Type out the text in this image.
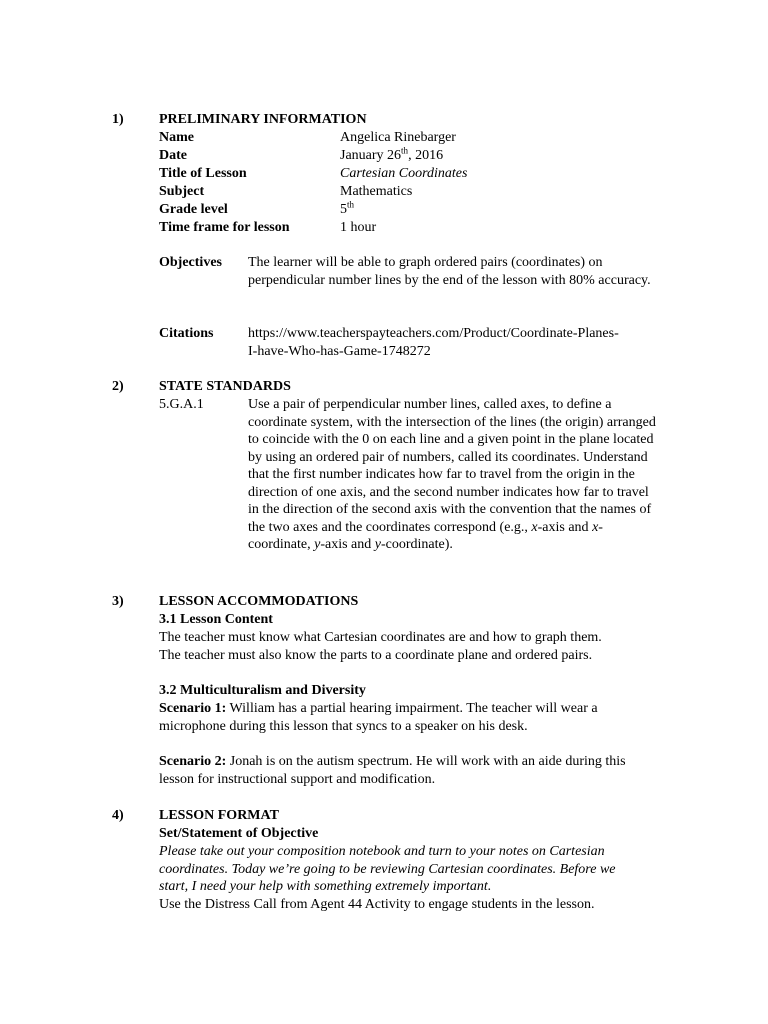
1)	PRELIMINARY INFORMATION
Name	Angelica Rinebarger
Date	January 26th, 2016
Title of Lesson	Cartesian Coordinates
Subject	Mathematics
Grade level	5th
Time frame for lesson	1 hour
Objectives The learner will be able to graph ordered pairs (coordinates) on perpendicular number lines by the end of the lesson with 80% accuracy.
Citations https://www.teacherspayteachers.com/Product/Coordinate-Planes-
I-have-Who-has-Game-1748272
2)	STATE STANDARDS
5.G.A.1	Use a pair of perpendicular number lines, called axes, to define a coordinate system, with the intersection of the lines (the origin) arranged to coincide with the 0 on each line and a given point in the plane located by using an ordered pair of numbers, called its coordinates. Understand that the first number indicates how far to travel from the origin in the direction of one axis, and the second number indicates how far to travel in the direction of the second axis with the convention that the names of the two axes and the coordinates correspond (e.g., x-axis and x-coordinate, y-axis and y-coordinate).
3)	LESSON ACCOMMODATIONS
3.1 Lesson Content
The teacher must know what Cartesian coordinates are and how to graph them.
The teacher must also know the parts to a coordinate plane and ordered pairs.
3.2 Multiculturalism and Diversity
Scenario 1: William has a partial hearing impairment. The teacher will wear a microphone during this lesson that syncs to a speaker on his desk.
Scenario 2: Jonah is on the autism spectrum. He will work with an aide during this lesson for instructional support and modification.
4)	LESSON FORMAT
Set/Statement of Objective
Please take out your composition notebook and turn to your notes on Cartesian coordinates. Today we’re going to be reviewing Cartesian coordinates. Before we start, I need your help with something extremely important.
Use the Distress Call from Agent 44 Activity to engage students in the lesson.
